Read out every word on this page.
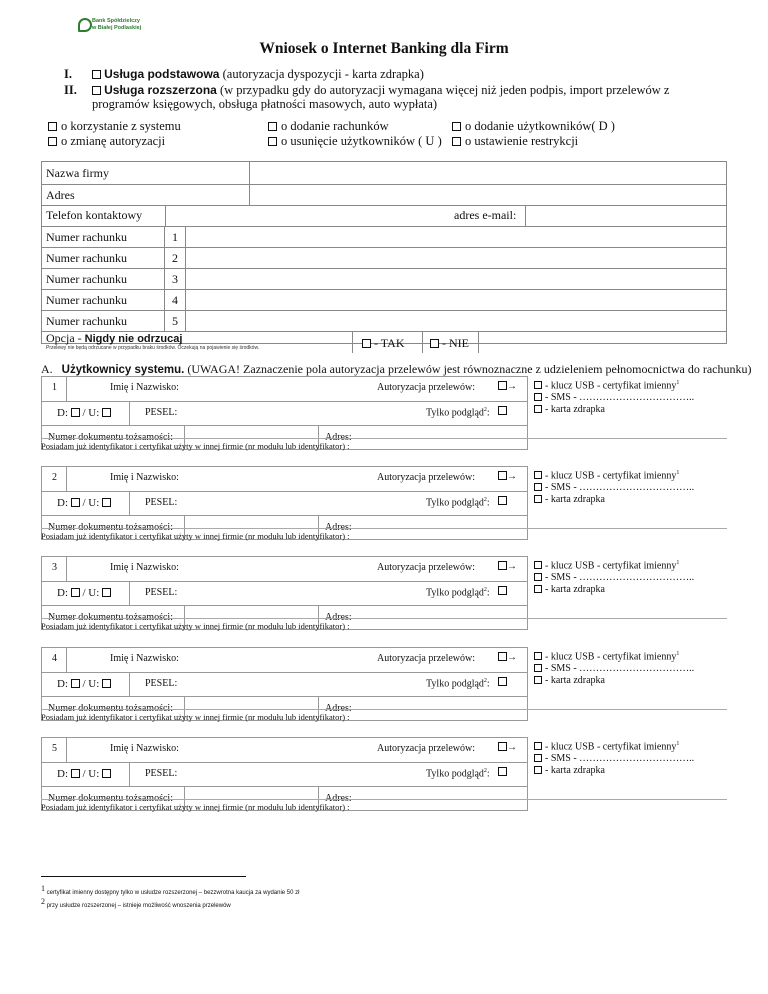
Bank Spółdzielczy
w Białej Podlaskiej
Wniosek o Internet Banking dla Firm
I.	Usługa podstawowa (autoryzacja dyspozycji - karta zdrapka)
II.	Usługa rozszerzona (w przypadku gdy do autoryzacji wymagana więcej niż jeden podpis, import przelewów z
programów księgowych, obsługa płatności masowych, auto wypłata)
o korzystanie z systemu
o zmianę autoryzacji
o dodanie rachunków
o usunięcie użytkowników ( U )
o dodanie użytkowników( D )
o ustawienie restrykcji
Nazwa firmy
Adres
Telefon kontaktowy	adres e-mail:
Numer rachunku	1
Numer rachunku	2
Numer rachunku	3
Numer rachunku	4
Numer rachunku	5
Opcja - Nigdy nie odrzucaj
Przelewy nie będą odrzucane w przypadku braku środków. Oczekują na pojawienie się środków.	- TAK	- NIE
A. Użytkownicy systemu. (UWAGA! Zaznaczenie pola autoryzacja przelewów jest równoznaczne z udzieleniem pełnomocnictwa do rachunku)
1	Imię i Nazwisko:	Autoryzacja przelewów:	→
D: / U:	PESEL:	Tylko podgląd$^2$:
Numer dokumentu tożsamości:	Adres:
- klucz USB - certyfikat imienny$^1$
- SMS - ……………………………..
- karta zdrapka
Posiadam już identyfikator i certyfikat użyty w innej firmie (nr modułu lub identyfikator) :
2	Imię i Nazwisko:	Autoryzacja przelewów:	→
D: / U:	PESEL:	Tylko podgląd$^2$:
Numer dokumentu tożsamości:	Adres:
- klucz USB - certyfikat imienny$^1$
- SMS - ……………………………..
- karta zdrapka
Posiadam już identyfikator i certyfikat użyty w innej firmie (nr modułu lub identyfikator) :
3	Imię i Nazwisko:	Autoryzacja przelewów:	→
D: / U:	PESEL:	Tylko podgląd$^2$:
Numer dokumentu tożsamości:	Adres:
- klucz USB - certyfikat imienny$^1$
- SMS - ……………………………..
- karta zdrapka
Posiadam już identyfikator i certyfikat użyty w innej firmie (nr modułu lub identyfikator) :
4	Imię i Nazwisko:	Autoryzacja przelewów:	→
D: / U:	PESEL:	Tylko podgląd$^2$:
Numer dokumentu tożsamości:	Adres:
- klucz USB - certyfikat imienny$^1$
- SMS - ……………………………..
- karta zdrapka
Posiadam już identyfikator i certyfikat użyty w innej firmie (nr modułu lub identyfikator) :
5	Imię i Nazwisko:	Autoryzacja przelewów:	→
D: / U:	PESEL:	Tylko podgląd$^2$:
Numer dokumentu tożsamości:	Adres:
- klucz USB - certyfikat imienny$^1$
- SMS - ……………………………..
- karta zdrapka
Posiadam już identyfikator i certyfikat użyty w innej firmie (nr modułu lub identyfikator) :
$^1$ certyfikat imienny dostępny tylko w usłudze rozszerzonej – bezzwrotna kaucja za wydanie 50 zł
$^2$ przy usłudze rozszerzonej – istnieje możliwość wnoszenia przelewów
